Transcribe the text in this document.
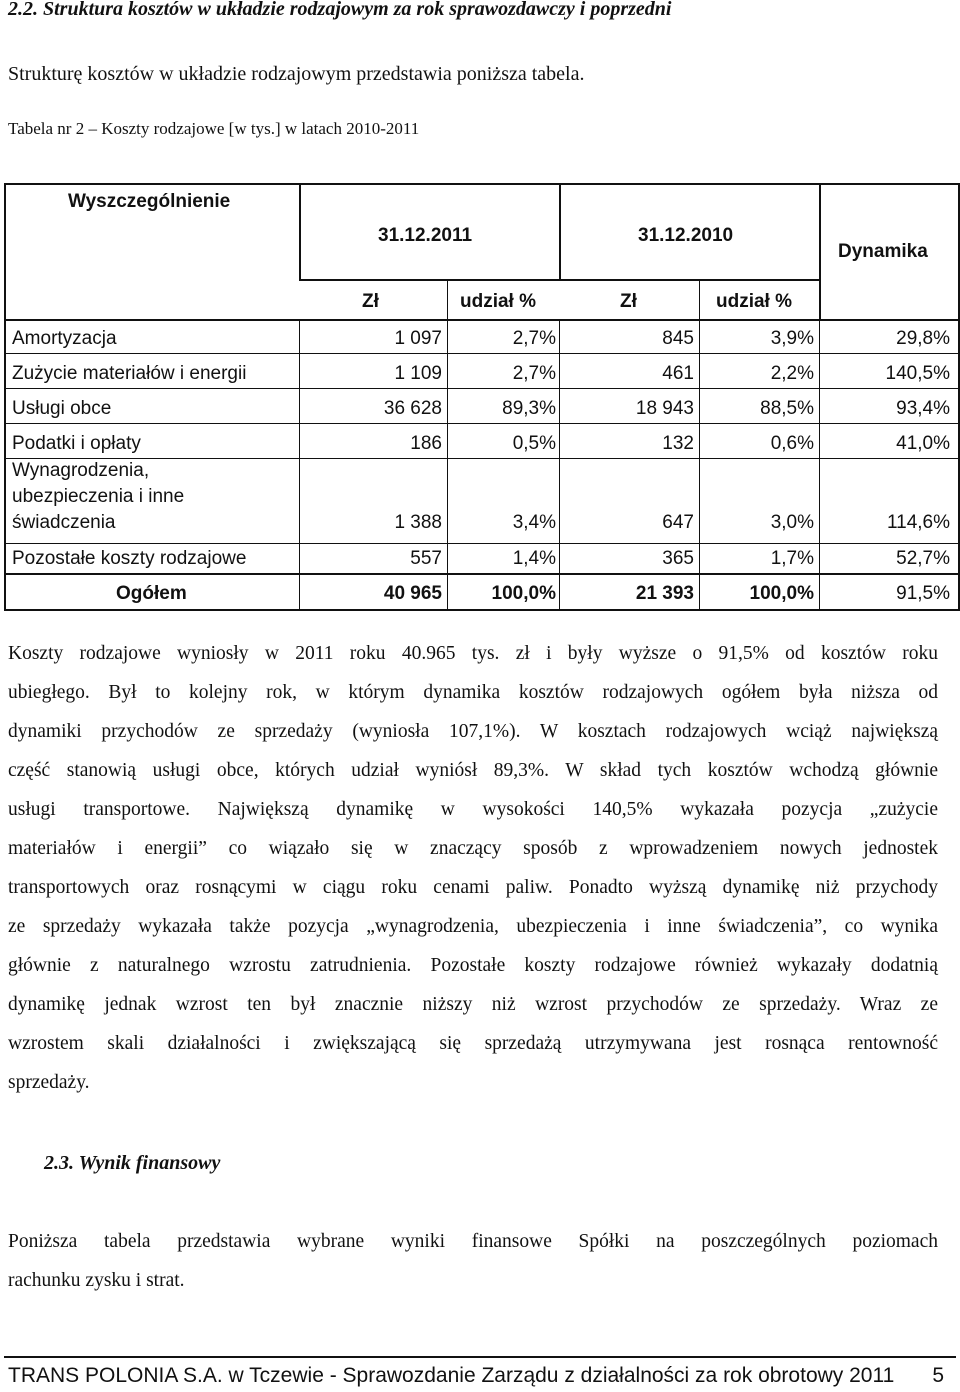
2.2. Struktura kosztów w układzie rodzajowym za rok sprawozdawczy i poprzedni
Strukturę kosztów w układzie rodzajowym przedstawia poniższa tabela.
Tabela nr 2 – Koszty rodzajowe [w tys.] w latach 2010-2011
Wyszczególnienie
31.12.2011	31.12.2010
Dynamika
Zł	udział %	Zł	udział %
Amortyzacja	1 097	2,7%	845	3,9%	29,8%
Zużycie materiałów i energii	1 109	2,7%	461	2,2%	140,5%
Usługi obce	36 628	89,3%	18 943	88,5%	93,4%
Podatki i opłaty	186	0,5%	132	0,6%	41,0%
Wynagrodzenia,
ubezpieczenia i inne
świadczenia	1 388	3,4%	647	3,0%	114,6%
Pozostałe koszty rodzajowe	557	1,4%	365	1,7%	52,7%
Ogółem	40 965	100,0%	21 393	100,0%	91,5%
Koszty rodzajowe wyniosły w 2011 roku 40.965 tys. zł i były wyższe o 91,5% od kosztów roku
ubiegłego. Był to kolejny rok, w którym dynamika kosztów rodzajowych ogółem była niższa od
dynamiki przychodów ze sprzedaży (wyniosła 107,1%). W kosztach rodzajowych wciąż największą
część stanowią usługi obce, których udział wyniósł 89,3%. W skład tych kosztów wchodzą głównie
usługi transportowe. Największą dynamikę w wysokości 140,5% wykazała pozycja „zużycie
materiałów i energii” co wiązało się w znaczący sposób z wprowadzeniem nowych jednostek
transportowych oraz rosnącymi w ciągu roku cenami paliw. Ponadto wyższą dynamikę niż przychody
ze sprzedaży wykazała także pozycja „wynagrodzenia, ubezpieczenia i inne świadczenia”, co wynika
głównie z naturalnego wzrostu zatrudnienia. Pozostałe koszty rodzajowe również wykazały dodatnią
dynamikę jednak wzrost ten był znacznie niższy niż wzrost przychodów ze sprzedaży. Wraz ze
wzrostem skali działalności i zwiększającą się sprzedażą utrzymywana jest rosnąca rentowność
sprzedaży.
2.3. Wynik finansowy
Poniższa tabela przedstawia wybrane wyniki finansowe Spółki na poszczególnych poziomach
rachunku zysku i strat.
TRANS POLONIA S.A. w Tczewie - Sprawozdanie Zarządu z działalności za rok obrotowy 2011 5
